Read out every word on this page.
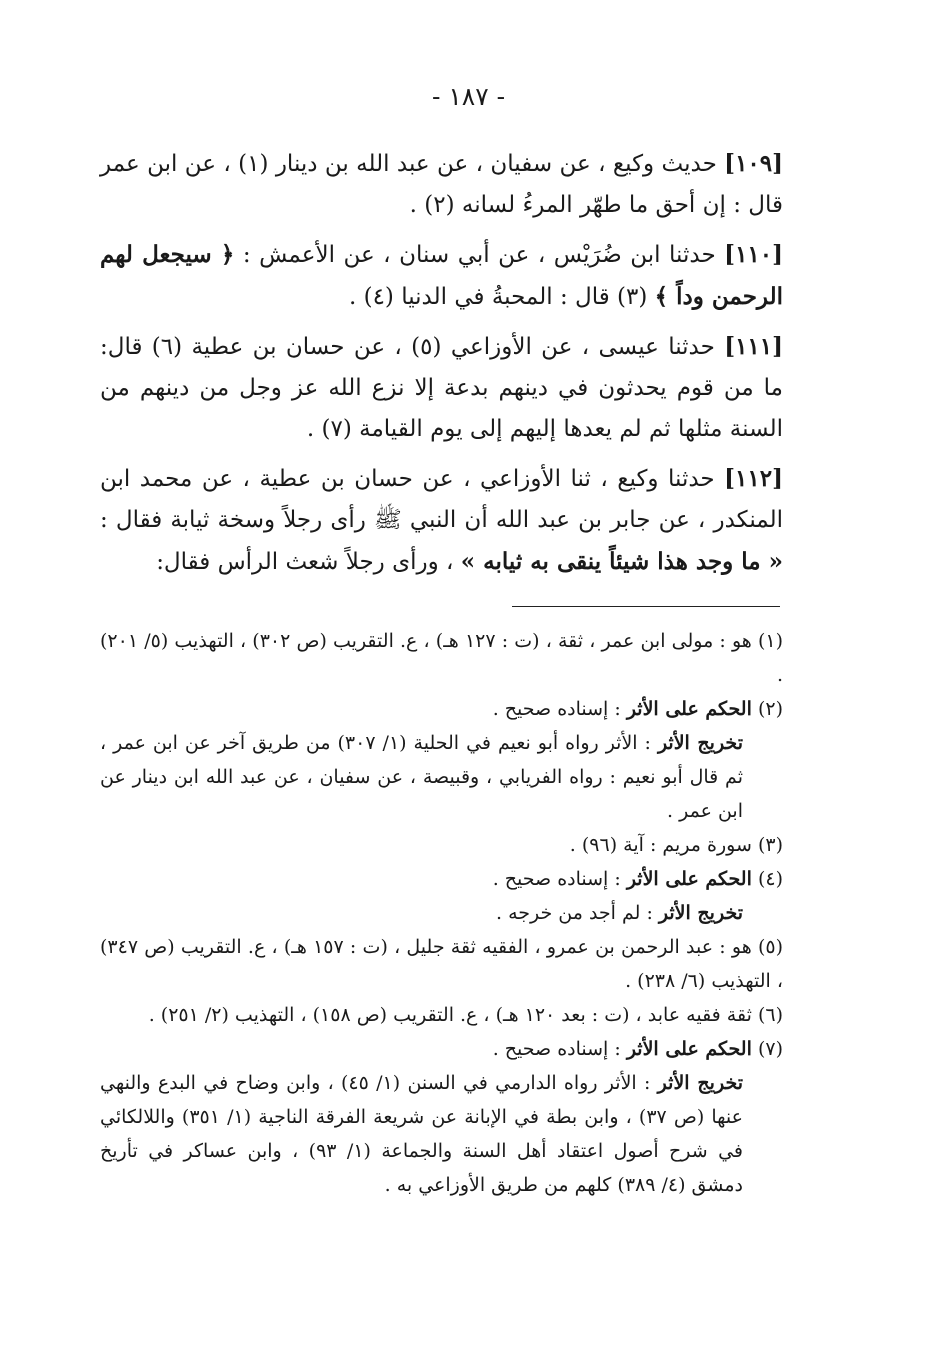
- ١٨٧ -

[١٠٩] حديث وكيع ، عن سفيان ، عن عبد الله بن دينار (١) ، عن ابن عمر قال : إن أحق ما طهّر المرءُ لسانه (٢) .

[١١٠] حدثنا ابن ضُرَيْس ، عن أبي سنان ، عن الأعمش : ﴿ سيجعل لهم الرحمن وداً ﴾ (٣) قال : المحبةُ في الدنيا (٤) .

[١١١] حدثنا عيسى ، عن الأوزاعي (٥) ، عن حسان بن عطية (٦) قال: ما من قوم يحدثون في دينهم بدعة إلا نزع الله عز وجل من دينهم من السنة مثلها ثم لم يعدها إليهم إلى يوم القيامة (٧) .

[١١٢] حدثنا وكيع ، ثنا الأوزاعي ، عن حسان بن عطية ، عن محمد ابن المنكدر ، عن جابر بن عبد الله أن النبي ﷺ رأى رجلاً وسخة ثيابة فقال : « ما وجد هذا شيئاً ينقى به ثيابه » ، ورأى رجلاً شعث الرأس فقال:

(١) هو : مولى ابن عمر ، ثقة ، (ت : ١٢٧ هـ) ، ع. التقريب (ص ٣٠٢) ، التهذيب (٥/ ٢٠١) .
(٢) الحكم على الأثر : إسناده صحيح .
تخريج الأثر : الأثر رواه أبو نعيم في الحلية (١/ ٣٠٧) من طريق آخر عن ابن عمر ، ثم قال أبو نعيم : رواه الفريابي ، وقبيصة ، عن سفيان ، عن عبد الله ابن دينار عن ابن عمر .
(٣) سورة مريم : آية (٩٦) .
(٤) الحكم على الأثر : إسناده صحيح .
تخريج الأثر : لم أجد من خرجه .
(٥) هو : عبد الرحمن بن عمرو ، الفقيه ثقة جليل ، (ت : ١٥٧ هـ) ، ع. التقريب (ص ٣٤٧) ، التهذيب (٦/ ٢٣٨) .
(٦) ثقة فقيه عابد ، (ت : بعد ١٢٠ هـ) ، ع. التقريب (ص ١٥٨) ، التهذيب (٢/ ٢٥١) .
(٧) الحكم على الأثر : إسناده صحيح .
تخريج الأثر : الأثر رواه الدارمي في السنن (١/ ٤٥) ، وابن وضاح في البدع والنهي عنها (ص ٣٧) ، وابن بطة في الإبانة عن شريعة الفرقة الناجية (١/ ٣٥١) واللالكائي في شرح أصول اعتقاد أهل السنة والجماعة (١/ ٩٣) ، وابن عساكر في تأريخ دمشق (٤/ ٣٨٩) كلهم من طريق الأوزاعي به .
